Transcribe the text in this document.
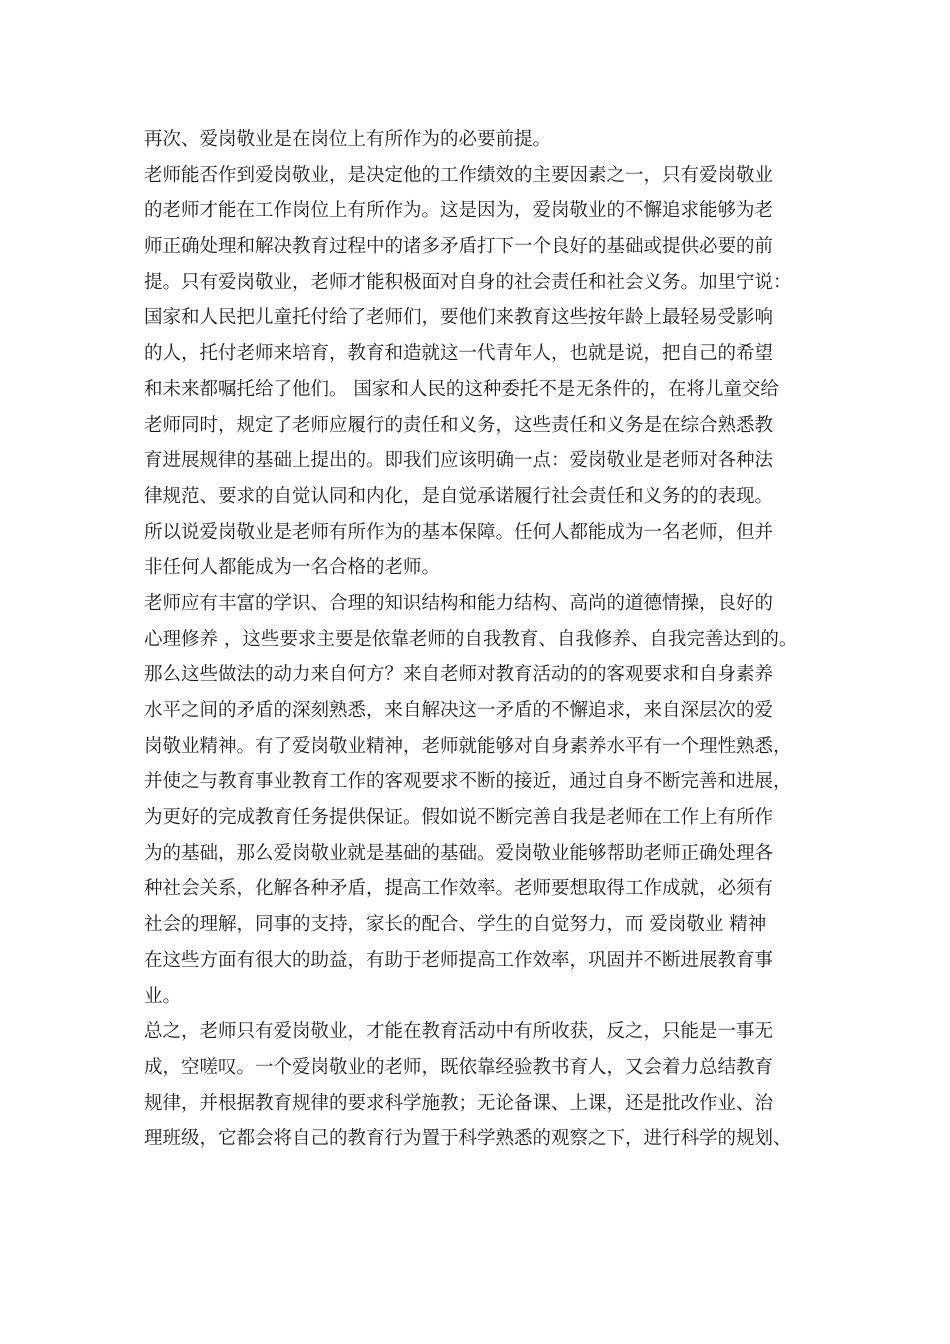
再次、爱岗敬业是在岗位上有所作为的必要前提。
老师能否作到爱岗敬业，是决定他的工作绩效的主要因素之一，只有爱岗敬业
的老师才能在工作岗位上有所作为。这是因为，爱岗敬业的不懈追求能够为老
师正确处理和解决教育过程中的诸多矛盾打下一个良好的基础或提供必要的前
提。只有爱岗敬业，老师才能积极面对自身的社会责任和社会义务。加里宁说：
国家和人民把儿童托付给了老师们，要他们来教育这些按年龄上最轻易受影响
的人，托付老师来培育，教育和造就这一代青年人，也就是说，把自己的希望
和未来都嘱托给了他们。 国家和人民的这种委托不是无条件的，在将儿童交给
老师同时，规定了老师应履行的责任和义务，这些责任和义务是在综合熟悉教
育进展规律的基础上提出的。即我们应该明确一点：爱岗敬业是老师对各种法
律规范、要求的自觉认同和内化，是自觉承诺履行社会责任和义务的的表现。
所以说爱岗敬业是老师有所作为的基本保障。任何人都能成为一名老师，但并
非任何人都能成为一名合格的老师。
老师应有丰富的学识、合理的知识结构和能力结构、高尚的道德情操，良好的
心理修养 ，这些要求主要是依靠老师的自我教育、自我修养、自我完善达到的。
那么这些做法的动力来自何方？来自老师对教育活动的的客观要求和自身素养
水平之间的矛盾的深刻熟悉，来自解决这一矛盾的不懈追求，来自深层次的爱
岗敬业精神。有了爱岗敬业精神，老师就能够对自身素养水平有一个理性熟悉，
并使之与教育事业教育工作的客观要求不断的接近，通过自身不断完善和进展，
为更好的完成教育任务提供保证。假如说不断完善自我是老师在工作上有所作
为的基础，那么爱岗敬业就是基础的基础。爱岗敬业能够帮助老师正确处理各
种社会关系，化解各种矛盾，提高工作效率。老师要想取得工作成就，必须有
社会的理解，同事的支持，家长的配合、学生的自觉努力，而 爱岗敬业 精神
在这些方面有很大的助益，有助于老师提高工作效率，巩固并不断进展教育事
业。
总之，老师只有爱岗敬业，才能在教育活动中有所收获，反之，只能是一事无
成，空嗟叹。一个爱岗敬业的老师，既依靠经验教书育人，又会着力总结教育
规律，并根据教育规律的要求科学施教；无论备课、上课，还是批改作业、治
理班级，它都会将自己的教育行为置于科学熟悉的观察之下，进行科学的规划、
